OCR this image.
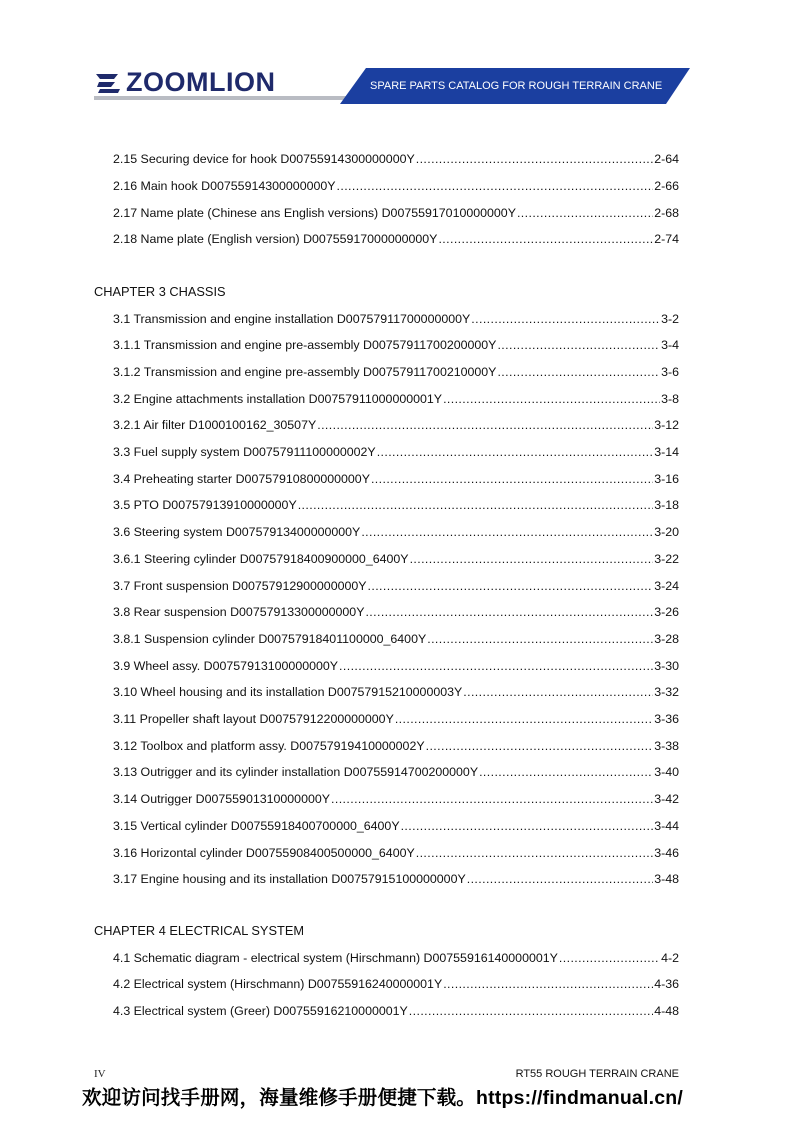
ZOOMLION	SPARE PARTS CATALOG FOR ROUGH TERRAIN CRANE
2.15 Securing device for hook D00755914300000000Y .....	2-64
2.16 Main hook D00755914300000000Y .....	2-66
2.17 Name plate (Chinese ans English versions) D00755917010000000Y .....	2-68
2.18 Name plate (English version) D00755917000000000Y .....	2-74
CHAPTER 3 CHASSIS
3.1 Transmission and engine installation D00757911700000000Y .....	3-2
3.1.1 Transmission and engine pre-assembly D00757911700200000Y .....	3-4
3.1.2 Transmission and engine pre-assembly D00757911700210000Y .....	3-6
3.2 Engine attachments installation D00757911000000001Y .....	3-8
3.2.1 Air filter D1000100162_30507Y .....	3-12
3.3 Fuel supply system D00757911100000002Y .....	3-14
3.4 Preheating starter D00757910800000000Y .....	3-16
3.5 PTO D00757913910000000Y .....	3-18
3.6 Steering system D00757913400000000Y .....	3-20
3.6.1 Steering cylinder D00757918400900000_6400Y .....	3-22
3.7 Front suspension D00757912900000000Y .....	3-24
3.8 Rear suspension D00757913300000000Y .....	3-26
3.8.1 Suspension cylinder D00757918401100000_6400Y .....	3-28
3.9 Wheel assy. D00757913100000000Y .....	3-30
3.10 Wheel housing and its installation D00757915210000003Y .....	3-32
3.11 Propeller shaft layout D00757912200000000Y .....	3-36
3.12 Toolbox and platform assy. D00757919410000002Y .....	3-38
3.13 Outrigger and its cylinder installation D00755914700200000Y .....	3-40
3.14 Outrigger D00755901310000000Y .....	3-42
3.15 Vertical cylinder D00755918400700000_6400Y .....	3-44
3.16 Horizontal cylinder D00755908400500000_6400Y .....	3-46
3.17 Engine housing and its installation D00757915100000000Y .....	3-48
CHAPTER 4 ELECTRICAL SYSTEM
4.1 Schematic diagram - electrical system (Hirschmann) D00755916140000001Y .....	4-2
4.2 Electrical system (Hirschmann) D00755916240000001Y .....	4-36
4.3 Electrical system (Greer) D00755916210000001Y .....	4-48
IV	RT55 ROUGH TERRAIN CRANE
欢迎访问找手册网，海量维修手册便捷下载。https://findmanual.cn/
